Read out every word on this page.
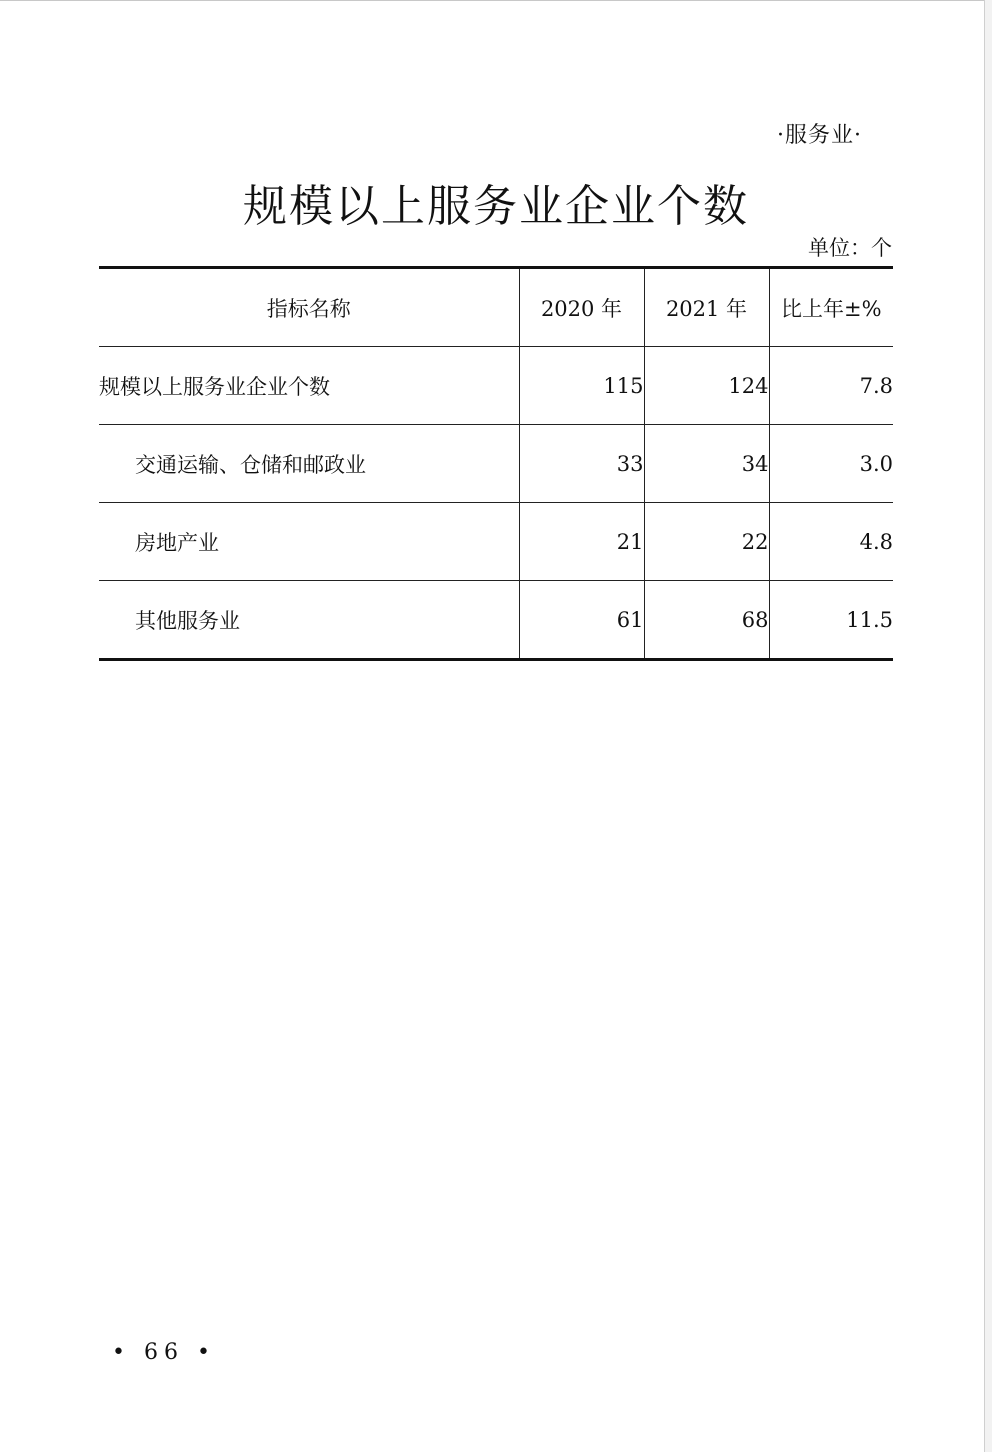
·服务业·
规模以上服务业企业个数
单位：个
指标名称	2020 年	2021 年	比上年±%
规模以上服务业企业个数	115	124	7.8
交通运输、仓储和邮政业	33	34	3.0
房地产业	21	22	4.8
其他服务业	61	68	11.5
• 66 •
